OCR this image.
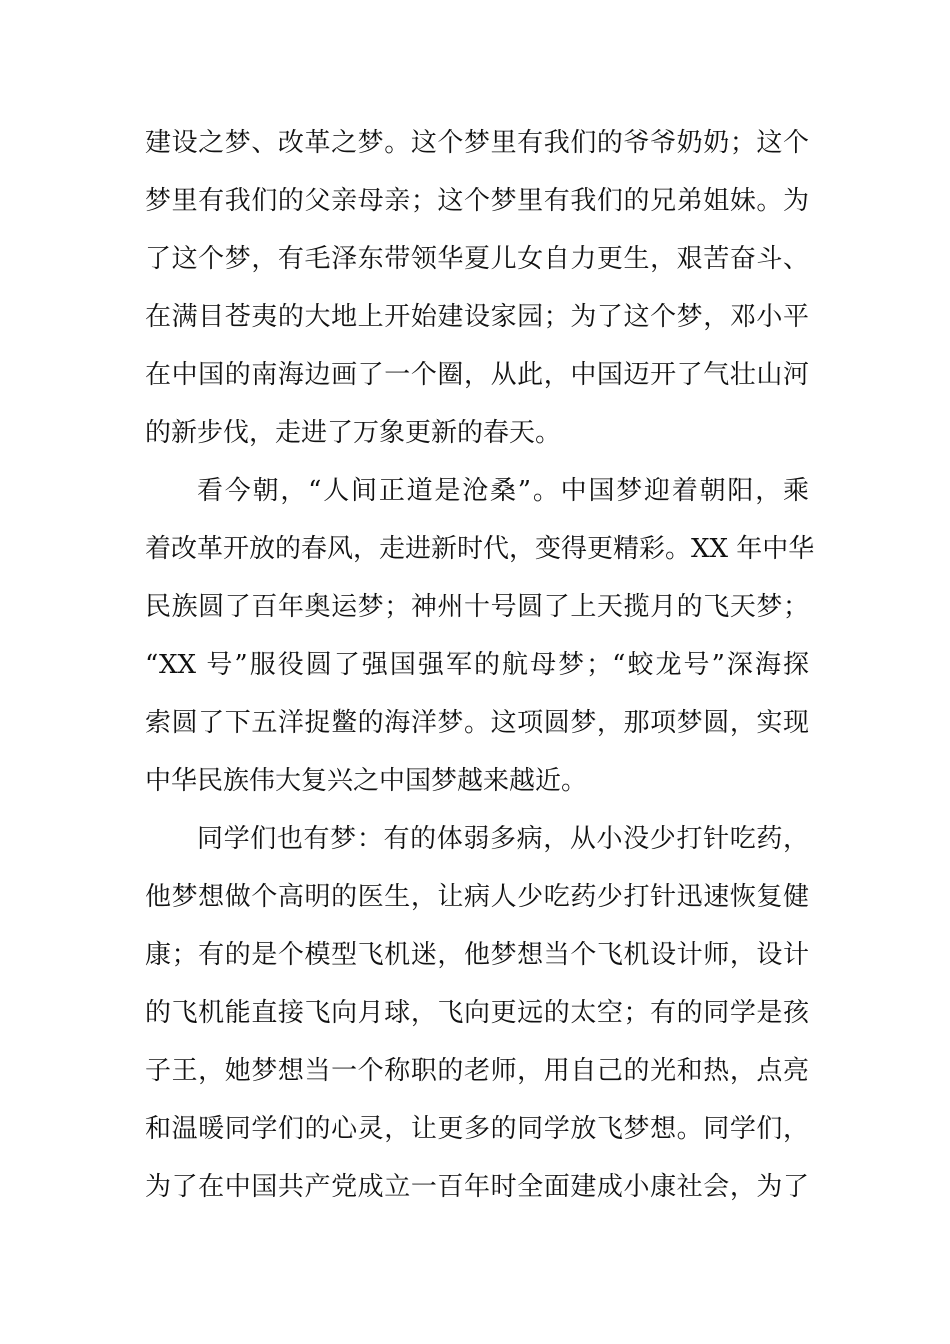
建设之梦、改革之梦。这个梦里有我们的爷爷奶奶；这个
梦里有我们的父亲母亲；这个梦里有我们的兄弟姐妹。为
了这个梦，有毛泽东带领华夏儿女自力更生，艰苦奋斗、
在满目苍夷的大地上开始建设家园；为了这个梦，邓小平
在中国的南海边画了一个圈，从此，中国迈开了气壮山河
的新步伐，走进了万象更新的春天。
看今朝，“人间正道是沧桑”。中国梦迎着朝阳，乘
着改革开放的春风，走进新时代，变得更精彩。XX 年中华
民族圆了百年奥运梦；神州十号圆了上天揽月的飞天梦；
“XX 号”服役圆了强国强军的航母梦；“蛟龙号”深海探
索圆了下五洋捉鳖的海洋梦。这项圆梦，那项梦圆，实现
中华民族伟大复兴之中国梦越来越近。
同学们也有梦：有的体弱多病，从小没少打针吃药，
他梦想做个高明的医生，让病人少吃药少打针迅速恢复健
康；有的是个模型飞机迷，他梦想当个飞机设计师，设计
的飞机能直接飞向月球，飞向更远的太空；有的同学是孩
子王，她梦想当一个称职的老师，用自己的光和热，点亮
和温暖同学们的心灵，让更多的同学放飞梦想。同学们，
为了在中国共产党成立一百年时全面建成小康社会，为了
